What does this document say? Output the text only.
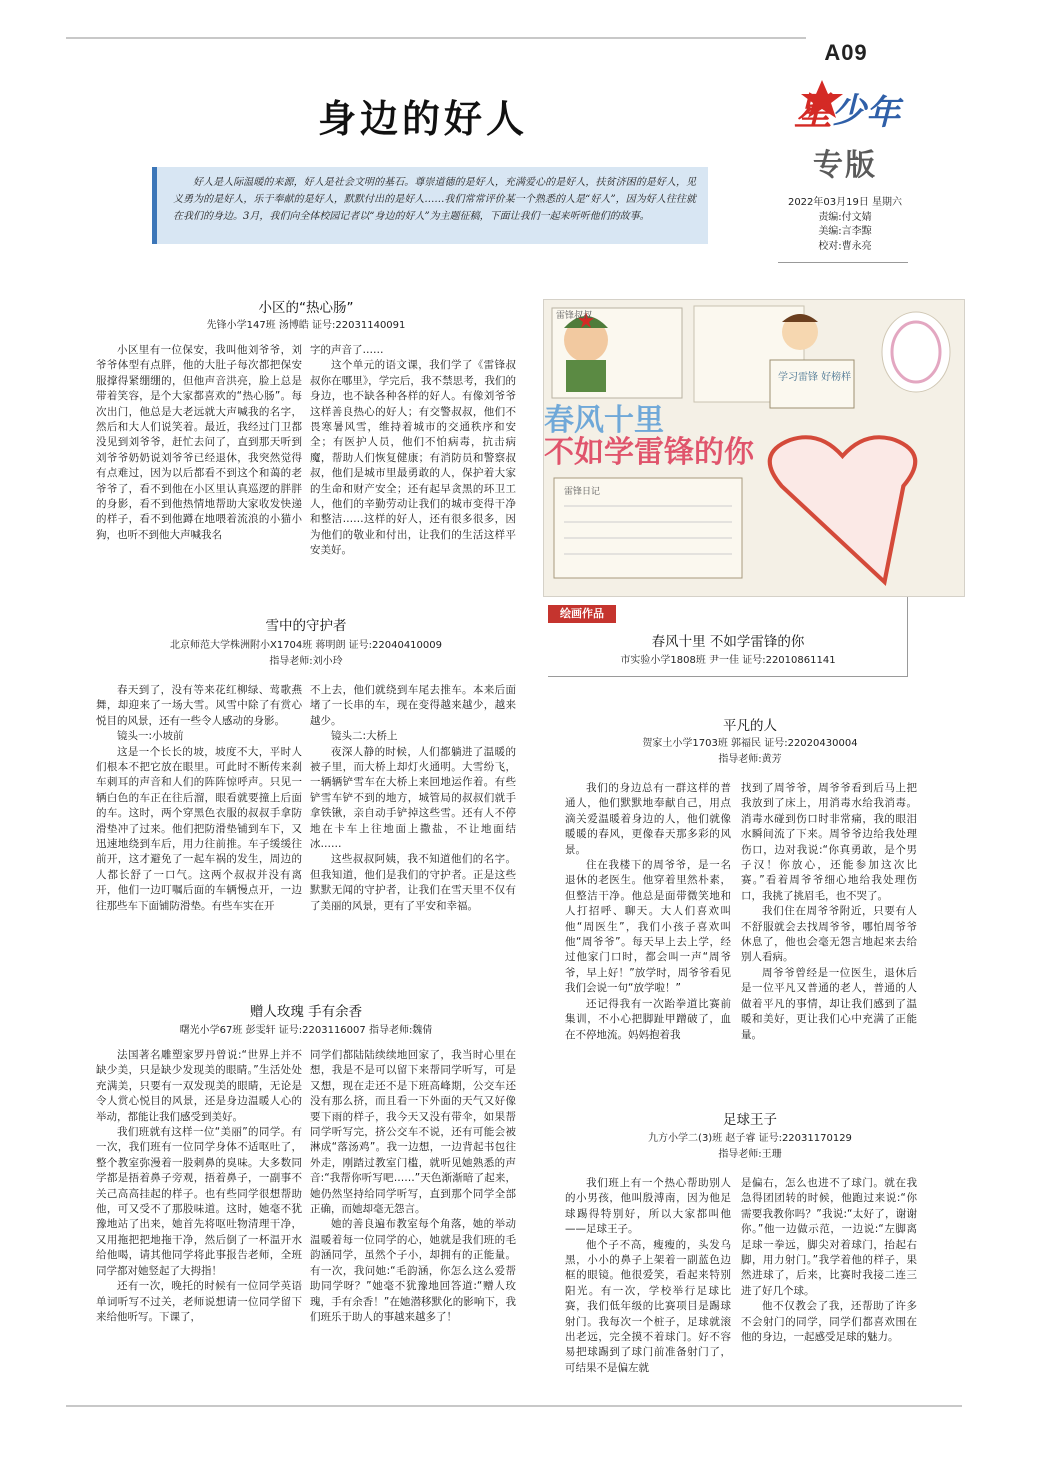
A09
星 少 年
专版
2022年03月19日 星期六
责编:付文婧
美编:言李黥
校对:曹永亮
身边的好人
好人是人际温暖的来源，好人是社会文明的基石。尊崇道德的是好人，充满爱心的是好人，扶贫济困的是好人，见义勇为的是好人，乐于奉献的是好人，默默付出的是好人……我们常常评价某一个熟悉的人是“好人”，因为好人往往就在我们的身边。3月，我们向全体校园记者以“身边的好人”为主题征稿，下面让我们一起来听听他们的故事。
小区的“热心肠”
先锋小学147班 汤博皓 证号:22031140091

小区里有一位保安，我叫他刘爷爷，刘爷爷体型有点胖，他的大肚子每次都把保安服撑得紧绷绷的，但他声音洪亮，脸上总是带着笑容，是个大家都喜欢的“热心肠”。每次出门，他总是大老远就大声喊我的名字，然后和大人们说笑着。最近，我经过门卫都没见到刘爷爷，赶忙去问了，直到那天听到刘爷爷奶奶说刘爷爷已经退休，我突然觉得有点难过，因为以后都看不到这个和蔼的老爷爷了，看不到他在小区里认真巡逻的胖胖的身影，看不到他热情地帮助大家收发快递的样子，看不到他蹲在地喂着流浪的小猫小狗，也听不到他大声喊我名

字的声音了……

这个单元的语文课，我们学了《雷锋叔叔你在哪里》，学完后，我不禁思考，我们的身边，也不缺各种各样的好人。有像刘爷爷这样善良热心的好人；有交警叔叔，他们不畏寒暑风雪，维持着城市的交通秩序和安全；有医护人员，他们不怕病毒，抗击病魔，帮助人们恢复健康；有消防员和警察叔叔，他们是城市里最勇敢的人，保护着大家的生命和财产安全；还有起早贪黑的环卫工人，他们的辛勤劳动让我们的城市变得干净和整洁……这样的好人，还有很多很多，因为他们的敬业和付出，让我们的生活这样平安美好。

雪中的守护者
北京师范大学株洲附小X1704班 蒋明朗 证号:22040410009
指导老师:刘小玲

春天到了，没有等来花红柳绿、莺歌燕舞，却迎来了一场大雪。风雪中除了有赏心悦目的风景，还有一些令人感动的身影。

镜头一:小坡前

这是一个长长的坡，坡度不大，平时人们根本不把它放在眼里。可此时不断传来刹车刺耳的声音和人们的阵阵惊呼声。只见一辆白色的车正在往后溜，眼看就要撞上后面的车。这时，两个穿黑色衣服的叔叔手拿防滑垫冲了过来。他们把防滑垫铺到车下，又迅速地绕到车后，用力往前推。车子缓缓往前开，这才避免了一起车祸的发生，周边的人都长舒了一口气。这两个叔叔并没有离开，他们一边叮嘱后面的车辆慢点开，一边往那些车下面铺防滑垫。有些车实在开

不上去，他们就绕到车尾去推车。本来后面堵了一长串的车，现在变得越来越少，越来越少。

镜头二:大桥上

夜深人静的时候，人们都躺进了温暖的被子里，而大桥上却灯火通明。大雪纷飞，一辆辆铲雪车在大桥上来回地运作着。有些铲雪车铲不到的地方，城管局的叔叔们就手拿铁锹，亲自动手铲掉这些雪。还有人不停地在卡车上往地面上撒盐，不让地面结冰……

这些叔叔阿姨，我不知道他们的名字。但我知道，他们是我们的守护者。正是这些默默无闻的守护者，让我们在雪天里不仅有了美丽的风景，更有了平安和幸福。

赠人玫瑰 手有余香
曙光小学67班 彭雯轩 证号:2203116007 指导老师:魏倩

法国著名雕塑家罗丹曾说:“世界上并不缺少美，只是缺少发现美的眼睛。”生活处处充满美，只要有一双发现美的眼睛，无论是令人赏心悦目的风景，还是身边温暖人心的举动，都能让我们感受到美好。

我们班就有这样一位“美丽”的同学。有一次，我们班有一位同学身体不适呕吐了，整个教室弥漫着一股刺鼻的臭味。大多数同学都是捂着鼻子旁观，捂着鼻子，一副事不关己高高挂起的样子。也有些同学很想帮助他，可又受不了那股味道。这时，她毫不犹豫地站了出来，她首先将呕吐物清理干净，又用拖把把地拖干净，然后倒了一杯温开水给他喝，请其他同学将此事报告老师，全班同学都对她竖起了大拇指！

还有一次，晚托的时候有一位同学英语单词听写不过关，老师说想请一位同学留下来给他听写。下课了，

同学们都陆陆续续地回家了，我当时心里在想，我是不是可以留下来帮同学听写，可是又想，现在走还不是下班高峰期，公交车还没有那么挤，而且看一下外面的天气又好像要下雨的样子，我今天又没有带伞，如果帮同学听写完，挤公交车不说，还有可能会被淋成“落汤鸡”。我一边想，一边背起书包往外走，刚踏过教室门槛，就听见她熟悉的声音:“我帮你听写吧……”天色渐渐暗了起来，她仍然坚持给同学听写，直到那个同学全部正确，而她却毫无怨言。

她的善良遍布教室每个角落，她的举动温暖着每一位同学的心，她就是我们班的毛韵涵同学，虽然个子小，却拥有的正能量。有一次，我问她:“毛韵涵，你怎么这么爱帮助同学呀？”她毫不犹豫地回答道:“赠人玫瑰，手有余香！”在她潜移默化的影响下，我们班乐于助人的事越来越多了！

雷锋叔叔
学习雷锋 好榜样
春风十里
不如学雷锋的你
雷锋日记
绘画作品
春风十里 不如学雷锋的你
市实验小学1808班 尹一佳 证号:22010861141
平凡的人
贺家土小学1703班 郭福民 证号:22020430004
指导老师:黄芳

我们的身边总有一群这样的普通人，他们默默地奉献自己，用点滴关爱温暖着身边的人，他们就像暖暖的春风，更像春天那多彩的风景。

住在我楼下的周爷爷，是一名退休的老医生。他穿着里然朴素，但整洁干净。他总是面带微笑地和人打招呼、聊天。大人们喜欢叫他“周医生”，我们小孩子喜欢叫他“周爷爷”。每天早上去上学，经过他家门口时，都会叫一声“周爷爷，早上好！”放学时，周爷爷看见我们会说一句“放学啦！”

还记得我有一次跆拳道比赛前集训，不小心把脚趾甲蹭破了，血在不停地流。妈妈抱着我

找到了周爷爷，周爷爷看到后马上把我放到了床上，用消毒水给我消毒。消毒水碰到伤口时非常痛，我的眼泪水瞬间流了下来。周爷爷边给我处理伤口，边对我说:“你真勇敢，是个男子汉！你放心，还能参加这次比赛。”看着周爷爷细心地给我处理伤口，我挑了挑眉毛，也不哭了。

我们住在周爷爷附近，只要有人不舒服就会去找周爷爷，哪怕周爷爷休息了，他也会毫无怨言地起来去给别人看病。

周爷爷曾经是一位医生，退休后是一位平凡又普通的老人，普通的人做着平凡的事情，却让我们感到了温暖和美好，更让我们心中充满了正能量。

足球王子
九方小学二(3)班 赵子睿 证号:22031170129
指导老师:王珊

我们班上有一个热心帮助别人的小男孩，他叫殷溥南，因为他足球踢得特别好，所以大家都叫他——足球王子。

他个子不高，瘦瘦的，头发乌黑，小小的鼻子上架着一副蓝色边框的眼镜。他很爱笑，看起来特别阳光。有一次，学校举行足球比赛，我们低年级的比赛项目是踢球射门。我每次一个桩子，足球就滚出老远，完全摸不着球门。好不容易把球踢到了球门前准备射门了，可结果不是偏左就

是偏右，怎么也进不了球门。就在我急得团团转的时候，他跑过来说:“你需要我教你吗？”我说:“太好了，谢谢你。”他一边做示范，一边说:“左脚离足球一拳远，脚尖对着球门，抬起右脚，用力射门。”我学着他的样子，果然进球了，后来，比赛时我接二连三进了好几个球。

他不仅教会了我，还帮助了许多不会射门的同学，同学们都喜欢围在他的身边，一起感受足球的魅力。
